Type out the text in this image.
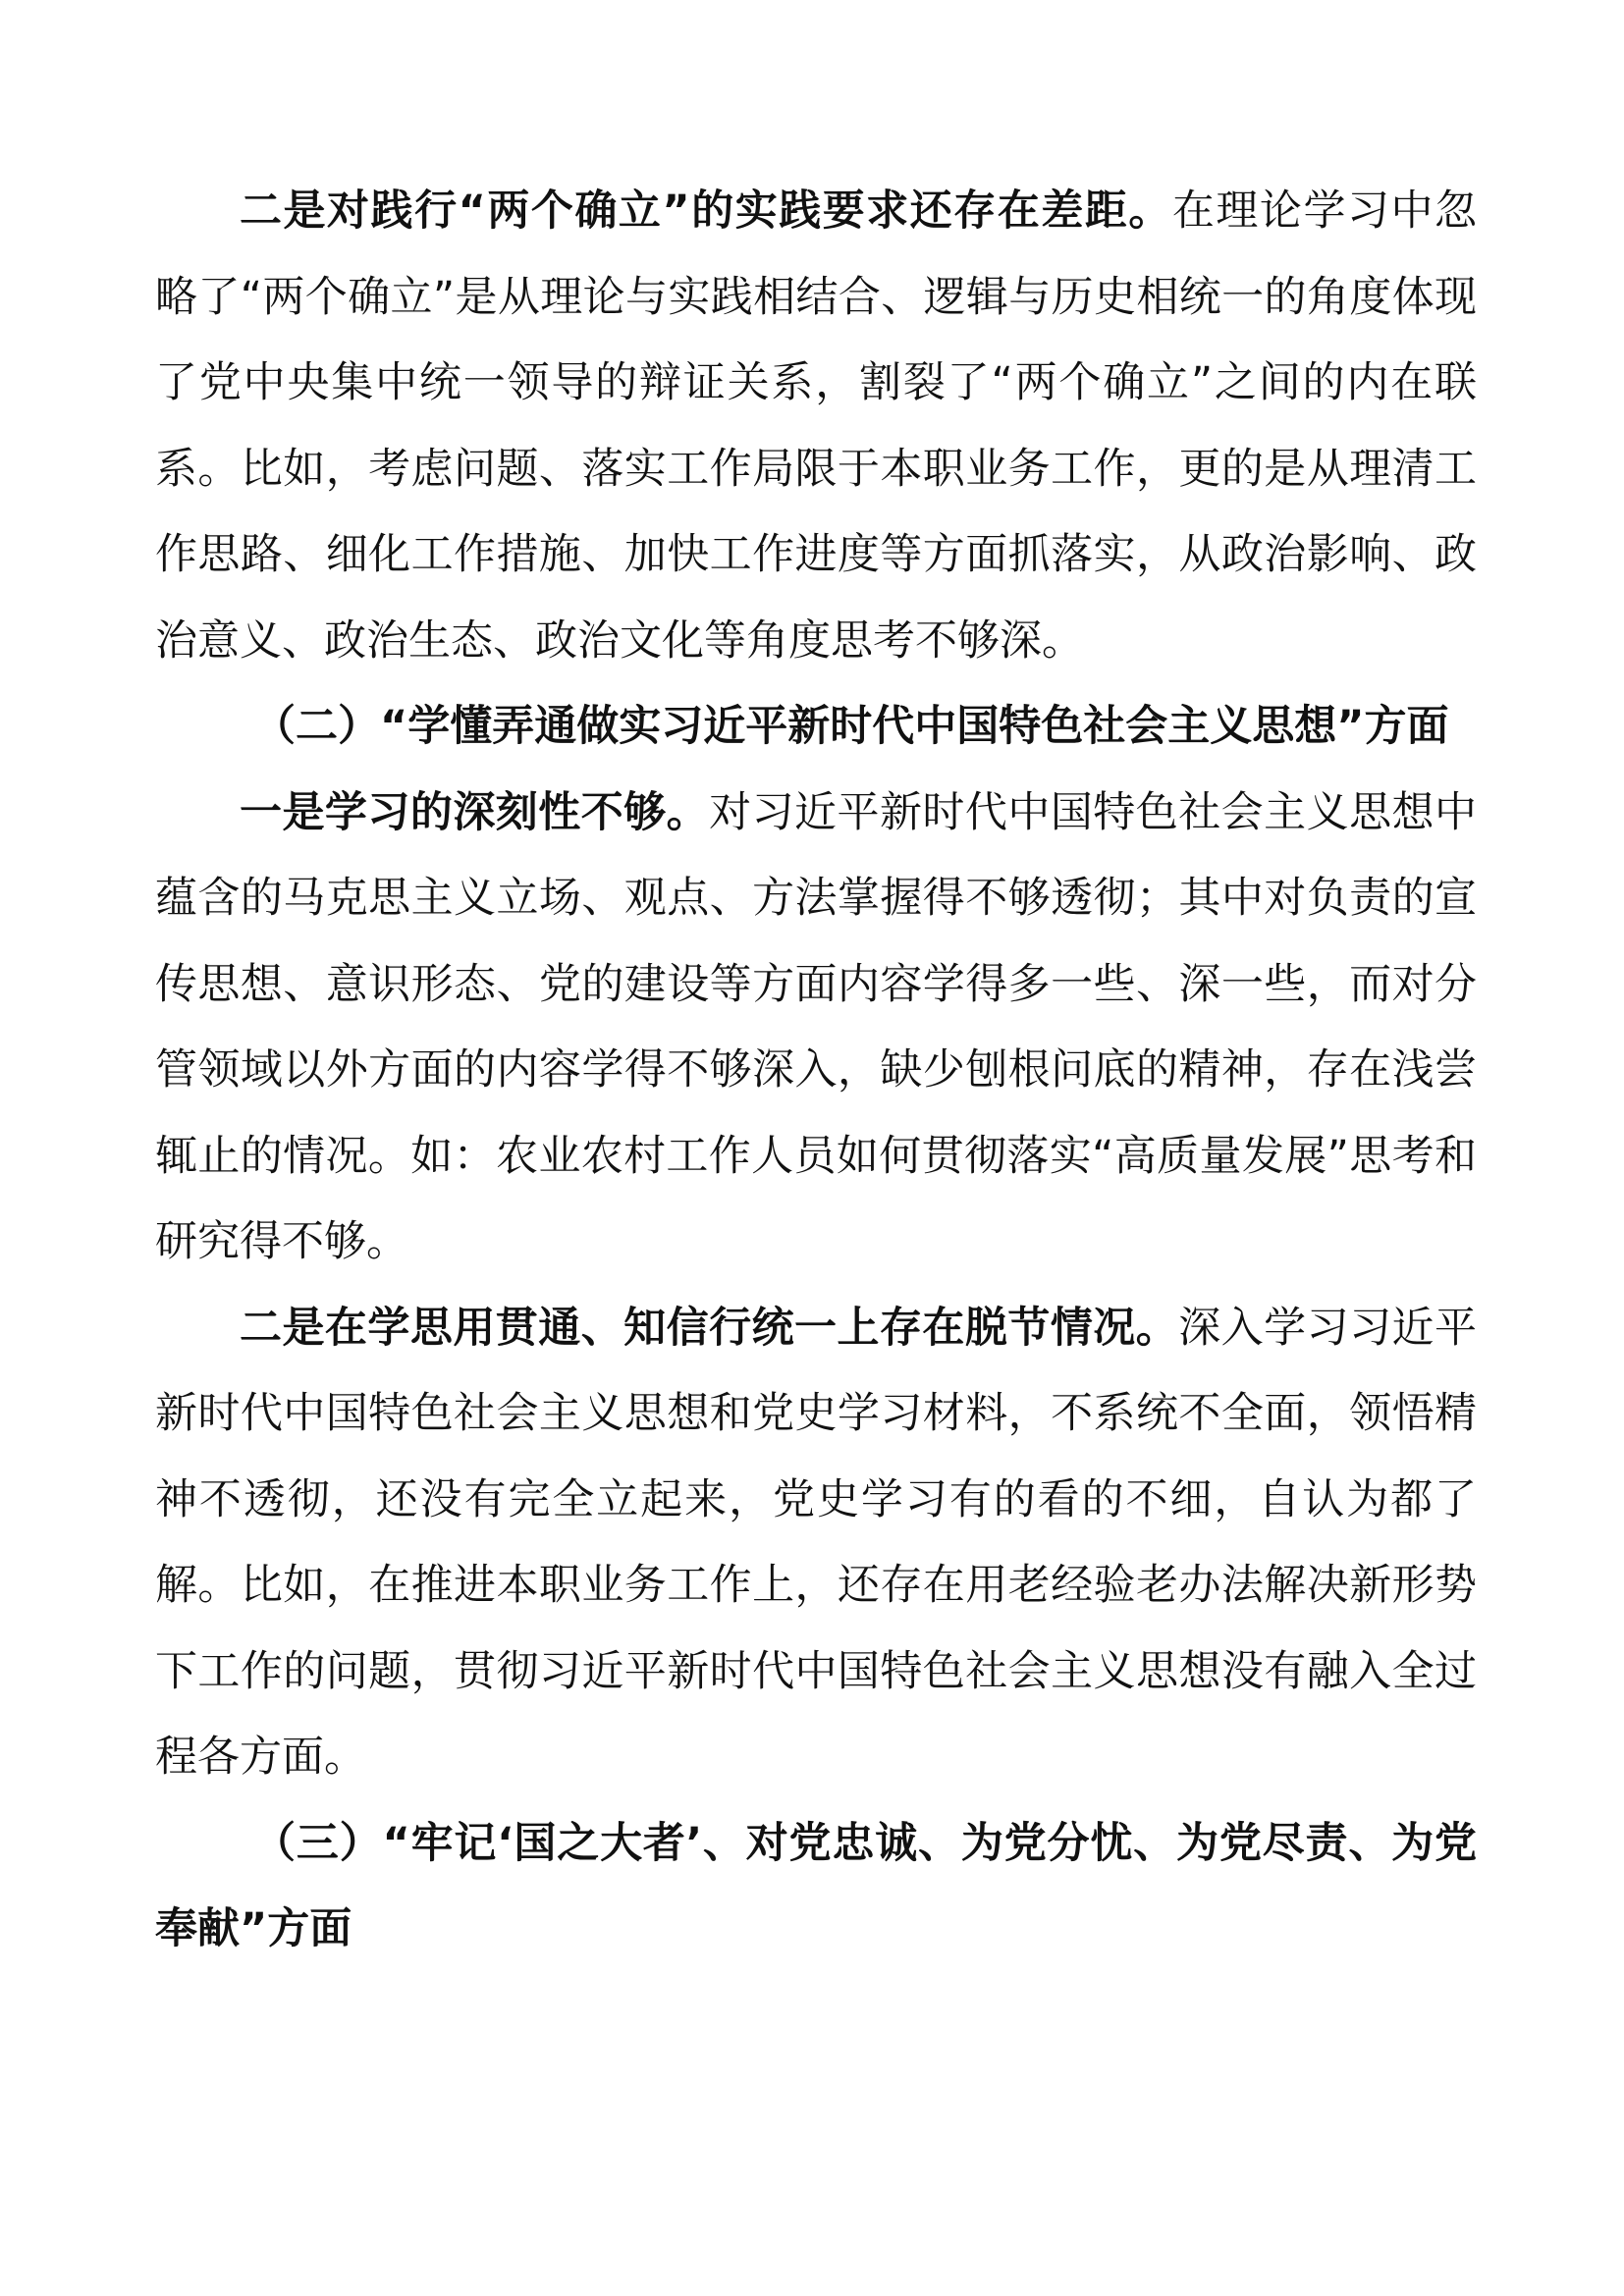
二是对践行“两个确立”的实践要求还存在差距。在理论学习中忽略了“两个确立”是从理论与实践相结合、逻辑与历史相统一的角度体现了党中央集中统一领导的辩证关系，割裂了“两个确立”之间的内在联系。比如，考虑问题、落实工作局限于本职业务工作，更的是从理清工作思路、细化工作措施、加快工作进度等方面抓落实，从政治影响、政治意义、政治生态、政治文化等角度思考不够深。

（二）“学懂弄通做实习近平新时代中国特色社会主义思想”方面

一是学习的深刻性不够。对习近平新时代中国特色社会主义思想中蕴含的马克思主义立场、观点、方法掌握得不够透彻；其中对负责的宣传思想、意识形态、党的建设等方面内容学得多一些、深一些，而对分管领域以外方面的内容学得不够深入，缺少刨根问底的精神，存在浅尝辄止的情况。如：农业农村工作人员如何贯彻落实“高质量发展”思考和研究得不够。

二是在学思用贯通、知信行统一上存在脱节情况。深入学习习近平新时代中国特色社会主义思想和党史学习材料，不系统不全面，领悟精神不透彻，还没有完全立起来，党史学习有的看的不细，自认为都了解。比如，在推进本职业务工作上，还存在用老经验老办法解决新形势下工作的问题，贯彻习近平新时代中国特色社会主义思想没有融入全过程各方面。

（三）“牢记‘国之大者’、对党忠诚、为党分忧、为党尽责、为党奉献”方面
